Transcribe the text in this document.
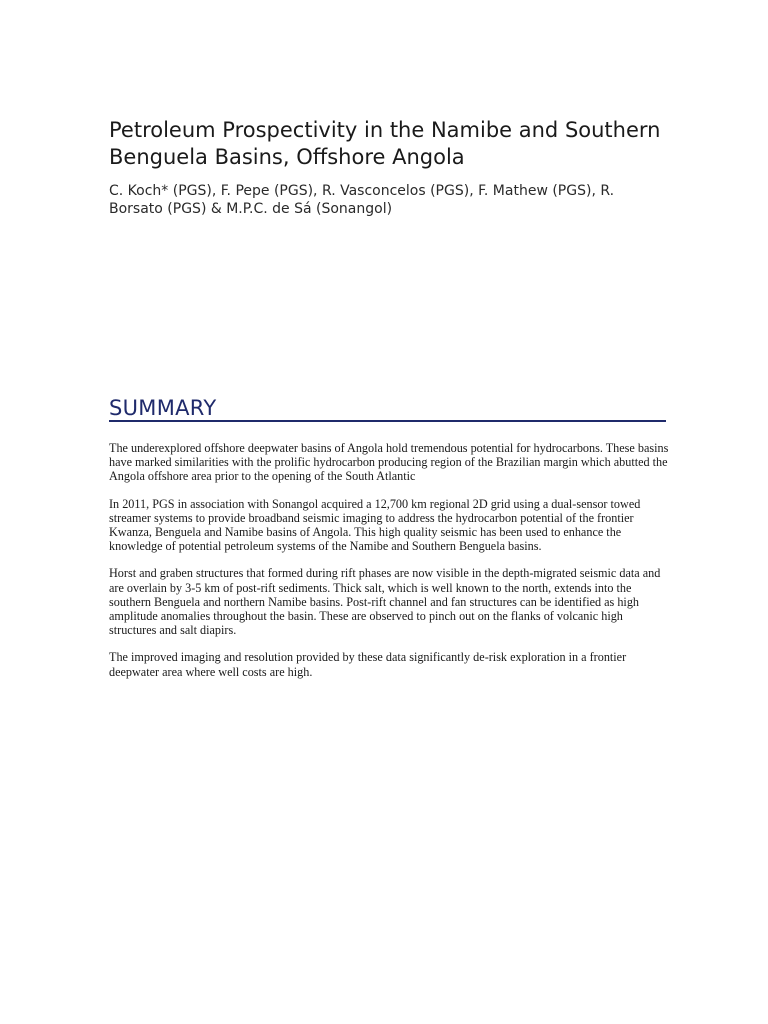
Petroleum Prospectivity in the Namibe and Southern Benguela Basins, Offshore Angola

C. Koch* (PGS), F. Pepe (PGS), R. Vasconcelos (PGS), F. Mathew (PGS), R. Borsato (PGS) & M.P.C. de Sá (Sonangol)

SUMMARY

The underexplored offshore deepwater basins of Angola hold tremendous potential for hydrocarbons. These basins have marked similarities with the prolific hydrocarbon producing region of the Brazilian margin which abutted the Angola offshore area prior to the opening of the South Atlantic

In 2011, PGS in association with Sonangol acquired a 12,700 km regional 2D grid using a dual-sensor towed streamer systems to provide broadband seismic imaging to address the hydrocarbon potential of the frontier Kwanza, Benguela and Namibe basins of Angola. This high quality seismic has been used to enhance the knowledge of potential petroleum systems of the Namibe and Southern Benguela basins.

Horst and graben structures that formed during rift phases are now visible in the depth-migrated seismic data and are overlain by 3-5 km of post-rift sediments. Thick salt, which is well known to the north, extends into the southern Benguela and northern Namibe basins. Post-rift channel and fan structures can be identified as high amplitude anomalies throughout the basin. These are observed to pinch out on the flanks of volcanic high structures and salt diapirs.

The improved imaging and resolution provided by these data significantly de-risk exploration in a frontier deepwater area where well costs are high.
